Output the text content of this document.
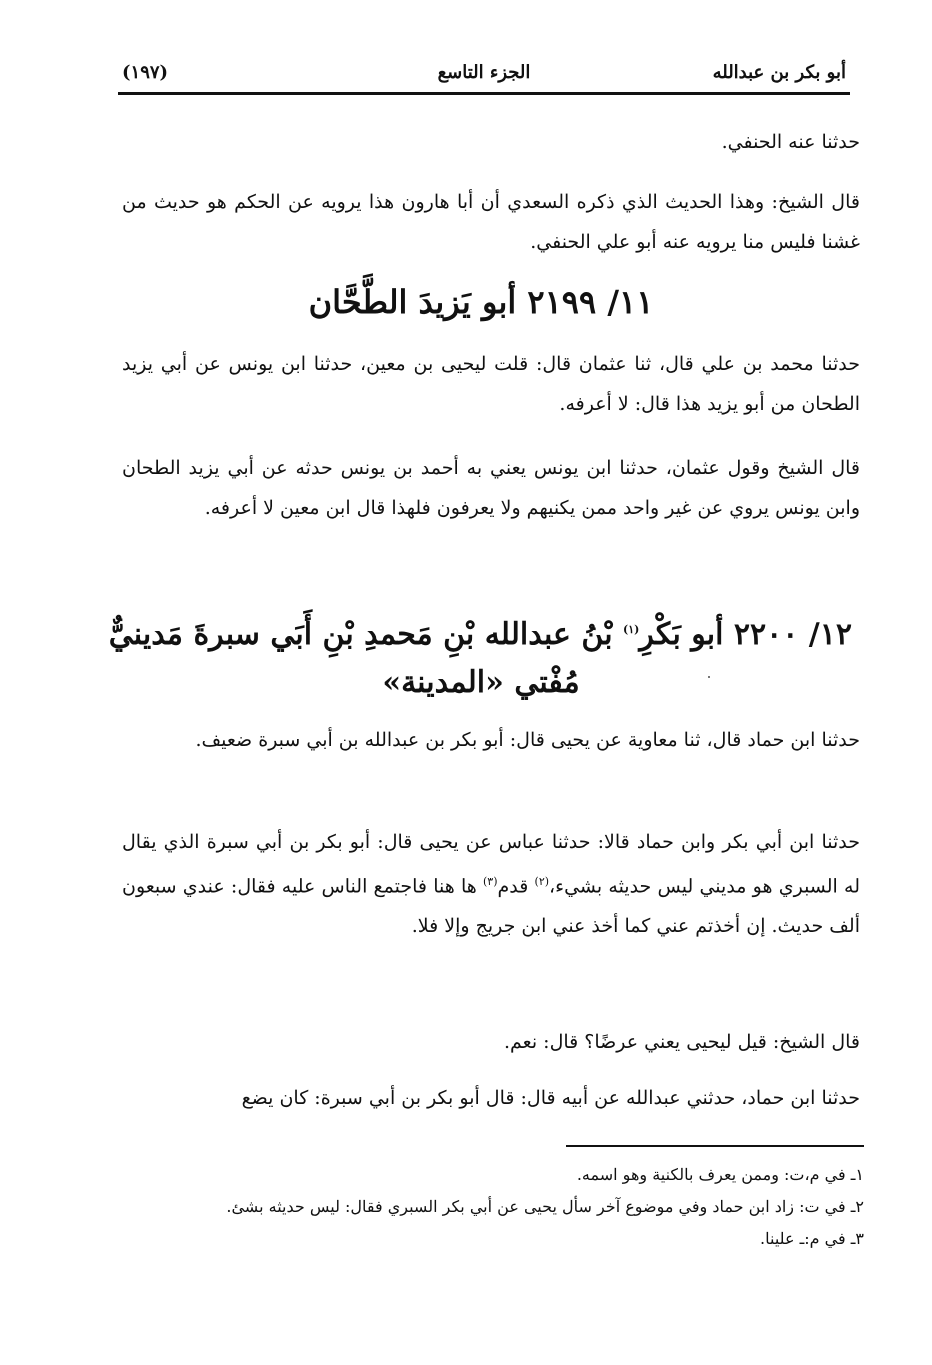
أبو بكر بن عبدالله
الجزء التاسع
(١٩٧)

حدثنا عنه الحنفي.

قال الشيخ: وهذا الحديث الذي ذكره السعدي أن أبا هارون هذا يرويه عن الحكم هو حديث من غشنا فليس منا يرويه عنه أبو علي الحنفي.

١١/ ٢١٩٩ أبو يَزيدَ الطَّحَّان

حدثنا محمد بن علي قال، ثنا عثمان قال: قلت ليحيى بن معين، حدثنا ابن يونس عن أبي يزيد الطحان من أبو يزيد هذا قال: لا أعرفه.

قال الشيخ وقول عثمان، حدثنا ابن يونس يعني به أحمد بن يونس حدثه عن أبي يزيد الطحان وابن يونس يروي عن غير واحد ممن يكنيهم ولا يعرفون فلهذا قال ابن معين لا أعرفه.

١٢/ ٢٢٠٠ أبو بَكْرِ$^{(١)}$ بْنُ عبدالله بْنِ مَحمدِ بْنِ أَبَي سبرةَ مَدينيٌّ
مُفْتي «المدينة»

حدثنا ابن حماد قال، ثنا معاوية عن يحيى قال: أبو بكر بن عبدالله بن أبي سبرة ضعيف.

حدثنا ابن أبي بكر وابن حماد قالا: حدثنا عباس عن يحيى قال: أبو بكر بن أبي سبرة الذي يقال له السبري هو مديني ليس حديثه بشيء،$^{(٢)}$ قدم$^{(٣)}$ ها هنا فاجتمع الناس عليه فقال: عندي سبعون ألف حديث. إن أخذتم عني كما أخذ عني ابن جريج وإلا فلا.

قال الشيخ: قيل ليحيى يعني عرضًا؟ قال: نعم.

حدثنا ابن حماد، حدثني عبدالله عن أبيه قال: قال أبو بكر بن أبي سبرة: كان يضع

١ـ في م،ت: وممن يعرف بالكنية وهو اسمه.

٢ـ في ت: زاد ابن حماد وفي موضوع آخر سأل يحيى عن أبي بكر السبري فقال: ليس حديثه بشئ.

٣ـ في م:ـ علينا.
